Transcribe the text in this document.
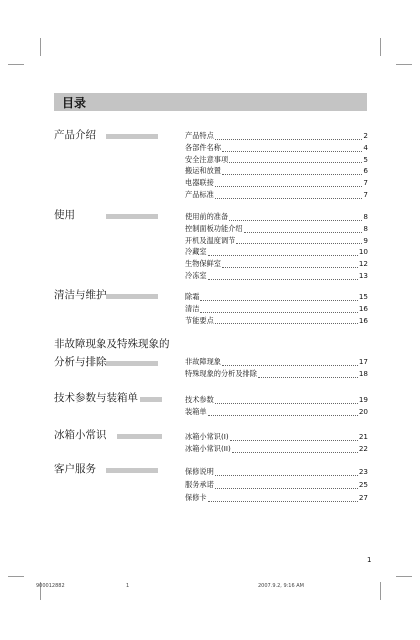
目录
产品介绍	产品特点	2
各部件名称	4
安全注意事项	5
搬运和放置	6
电器联接	7
产品标准	7
使用	使用前的准备	8
控制面板功能介绍	8
开机及温度调节	9
冷藏室	10
生物保鲜室	12
冷冻室	13
清洁与维护	除霜	15
清洁	16
节能要点	16
非故障现象及特殊现象的
分析与排除	非故障现象	17
特殊现象的分析及排除	18
技术参数与装箱单	技术参数	19
装箱单	20
冰箱小常识	冰箱小常识(I)	21
冰箱小常识(II)	22
客户服务	保修说明	23
服务承诺	25
保修卡	27
1
900012882	1	2007.9.2, 9:16 AM
